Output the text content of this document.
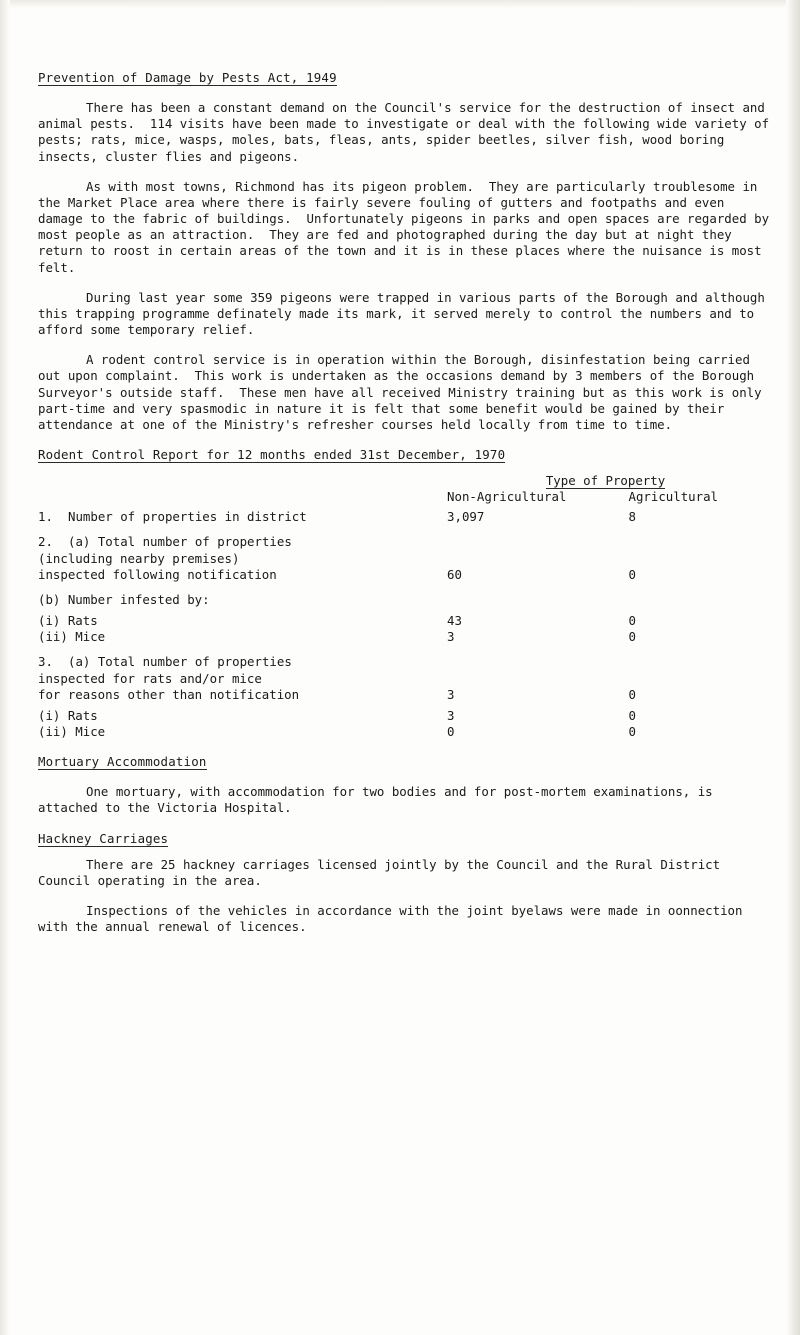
Prevention of Damage by Pests Act, 1949

There has been a constant demand on the Council's service for the destruction of insect and animal pests.  114 visits have been made to investigate or deal with the following wide variety of pests; rats, mice, wasps, moles, bats, fleas, ants, spider beetles, silver fish, wood boring insects, cluster flies and pigeons.

As with most towns, Richmond has its pigeon problem.  They are particularly troublesome in the Market Place area where there is fairly severe fouling of gutters and footpaths and even damage to the fabric of buildings.  Unfortunately pigeons in parks and open spaces are regarded by most people as an attraction.  They are fed and photographed during the day but at night they return to roost in certain areas of the town and it is in these places where the nuisance is most felt.

During last year some 359 pigeons were trapped in various parts of the Borough and although this trapping programme definately made its mark, it served merely to control the numbers and to afford some temporary relief.

A rodent control service is in operation within the Borough, disinfestation being carried out upon complaint.  This work is undertaken as the occasions demand by 3 members of the Borough Surveyor's outside staff.  These men have all received Ministry training but as this work is only part-time and very spasmodic in nature it is felt that some benefit would be gained by their attendance at one of the Ministry's refresher courses held locally from time to time.

Rodent Control Report for 12 months ended 31st December, 1970
	Type of Property	
	Non-Agricultural	Agricultural

1. Number of properties in district	3,097	8

2. (a) Total number of properties		
(including nearby premises)		
inspected following notification	60	0

(b) Number infested by:		

(i) Rats	43	0
(ii) Mice	3	0

3. (a) Total number of properties		
inspected for rats and/or mice		
for reasons other than notification	3	0

(i) Rats	3	0
(ii) Mice	0	0
Mortuary Accommodation

One mortuary, with accommodation for two bodies and for post-mortem examinations, is attached to the Victoria Hospital.

Hackney Carriages

There are 25 hackney carriages licensed jointly by the Council and the Rural District Council operating in the area.

Inspections of the vehicles in accordance with the joint byelaws were made in oonnection with the annual renewal of licences.
